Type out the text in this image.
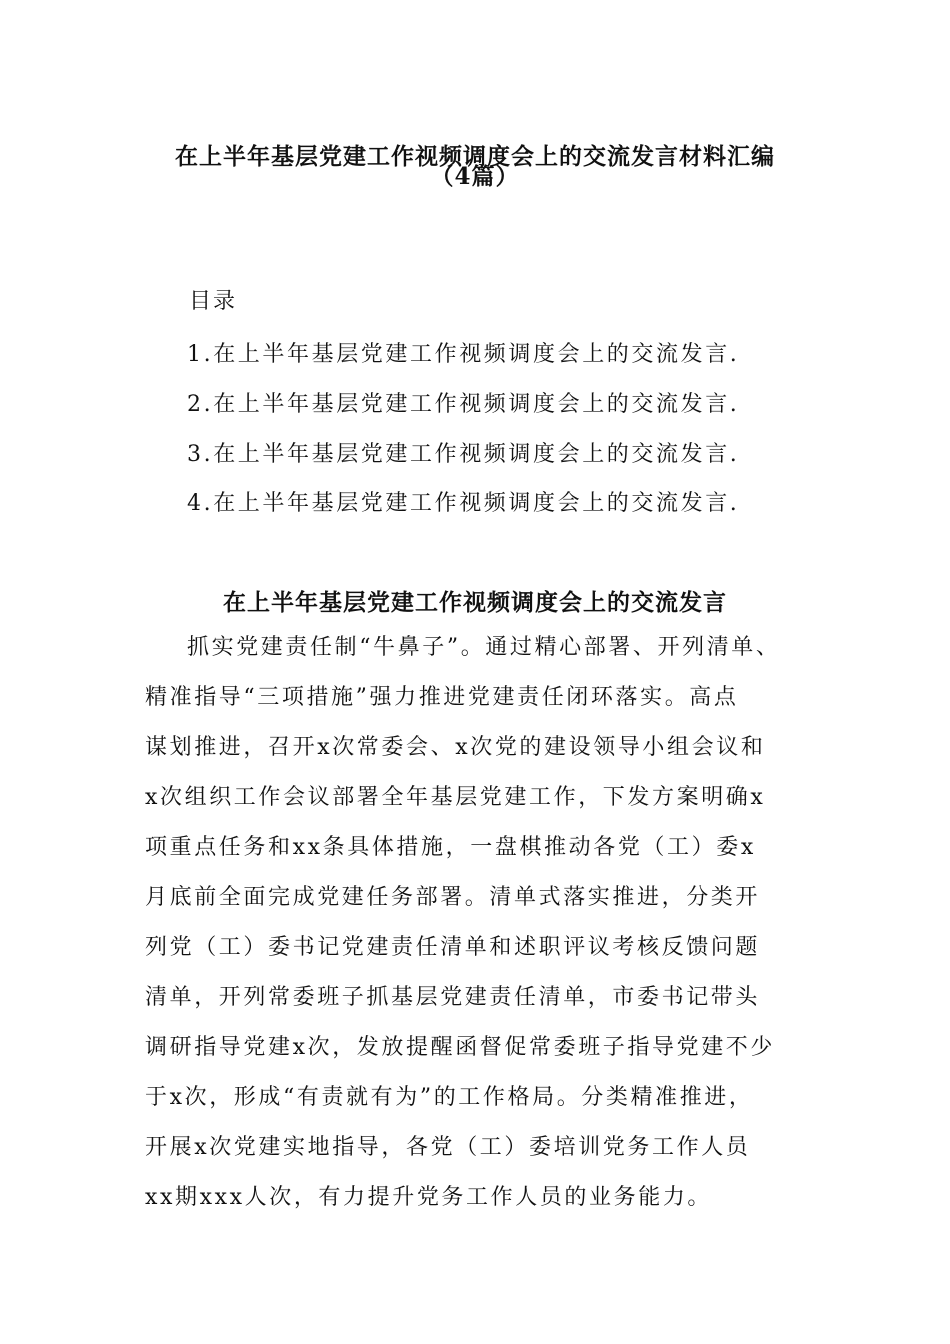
在上半年基层党建工作视频调度会上的交流发言材料汇编
（4篇）
目录
1.在上半年基层党建工作视频调度会上的交流发言.
2.在上半年基层党建工作视频调度会上的交流发言.
3.在上半年基层党建工作视频调度会上的交流发言.
4.在上半年基层党建工作视频调度会上的交流发言.
在上半年基层党建工作视频调度会上的交流发言
抓实党建责任制“牛鼻子”。通过精心部署、开列清单、
精准指导“三项措施”强力推进党建责任闭环落实。高点
谋划推进，召开x次常委会、x次党的建设领导小组会议和
x次组织工作会议部署全年基层党建工作，下发方案明确x
项重点任务和xx条具体措施，一盘棋推动各党（工）委x
月底前全面完成党建任务部署。清单式落实推进，分类开
列党（工）委书记党建责任清单和述职评议考核反馈问题
清单，开列常委班子抓基层党建责任清单，市委书记带头
调研指导党建x次，发放提醒函督促常委班子指导党建不少
于x次，形成“有责就有为”的工作格局。分类精准推进，
开展x次党建实地指导，各党（工）委培训党务工作人员
xx期xxx人次，有力提升党务工作人员的业务能力。
